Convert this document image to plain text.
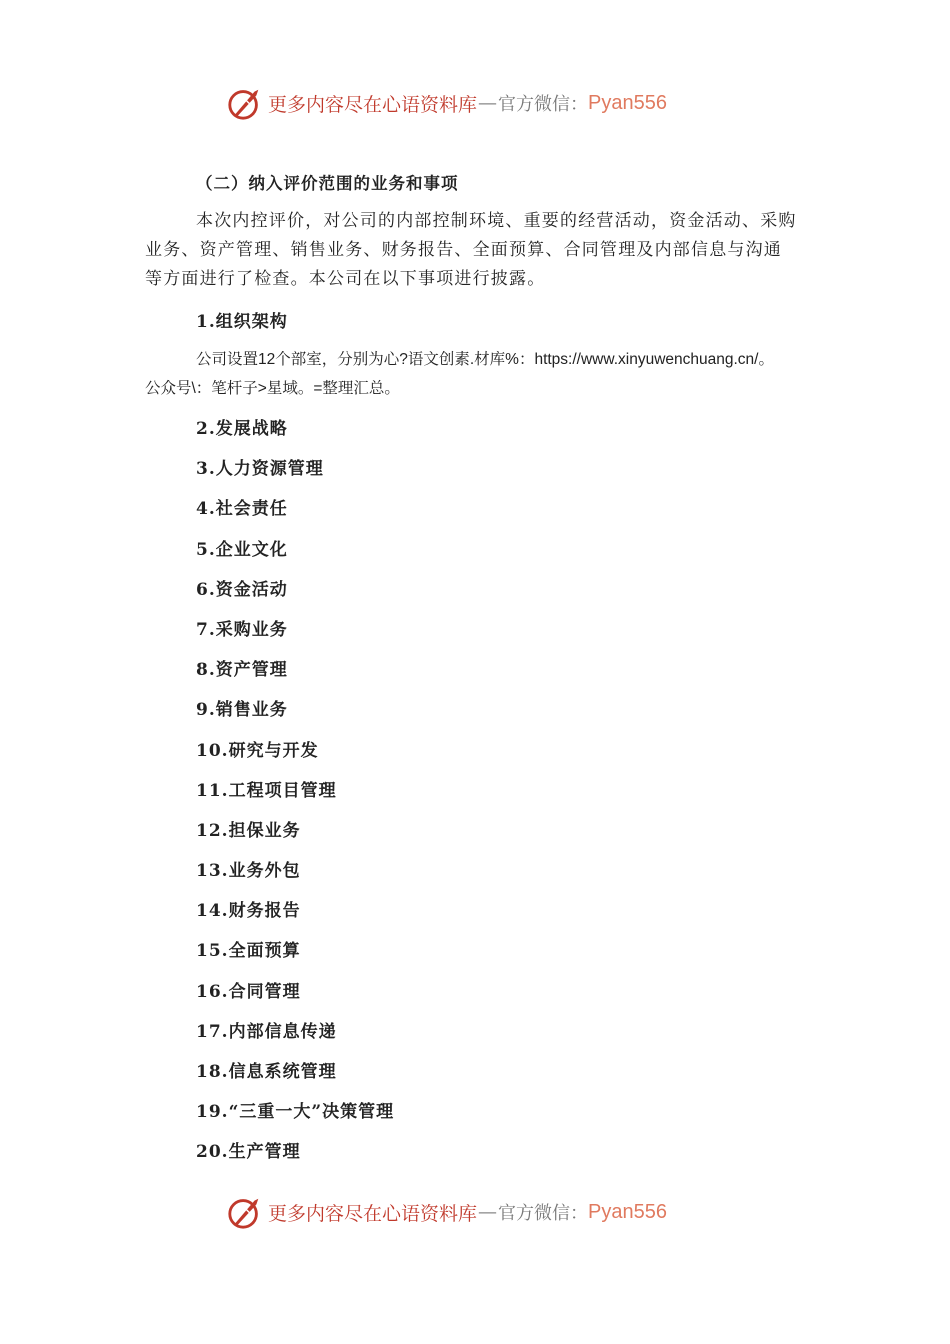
更多内容尽在心语资料库 — 官方微信： Pyan556
（二）纳入评价范围的业务和事项

本次内控评价，对公司的内部控制环境、重要的经营活动，资金活动、采购业务、资产管理、销售业务、财务报告、全面预算、合同管理及内部信息与沟通等方面进行了检查。本公司在以下事项进行披露。

1.组织架构

公司设置12个部室，分别为心?语文创素.材库%：https://www.xinyuwenchuang.cn/。公众号\：笔杆子>星域。=整理汇总。

2.发展战略
3.人力资源管理
4.社会责任
5.企业文化
6.资金活动
7.采购业务
8.资产管理
9.销售业务
10.研究与开发
11.工程项目管理
12.担保业务
13.业务外包
14.财务报告
15.全面预算
16.合同管理
17.内部信息传递
18.信息系统管理
19.“三重一大”决策管理
20.生产管理
更多内容尽在心语资料库 — 官方微信： Pyan556
